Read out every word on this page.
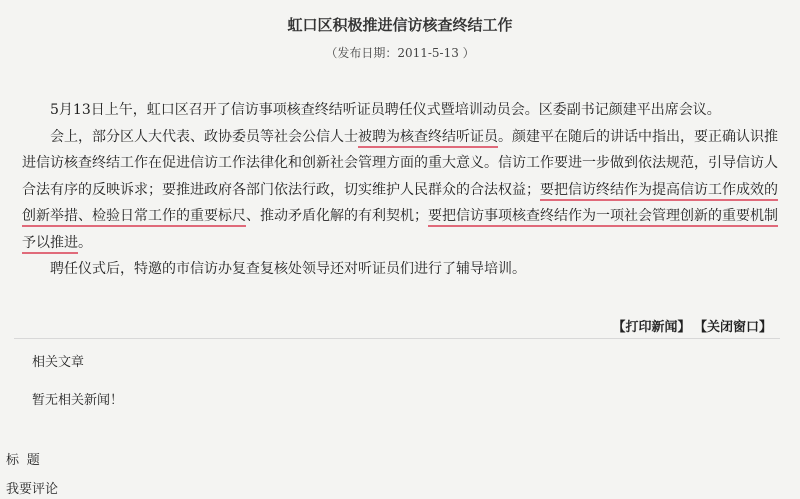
虹口区积极推进信访核查终结工作
（发布日期：2011-5-13 ）

5月13日上午，虹口区召开了信访事项核查终结听证员聘任仪式暨培训动员会。区委副书记颜建平出席会议。

会上，部分区人大代表、政协委员等社会公信人士被聘为核查终结听证员。颜建平在随后的讲话中指出，要正确认识推进信访核查终结工作在促进信访工作法律化和创新社会管理方面的重大意义。信访工作要进一步做到依法规范，引导信访人合法有序的反映诉求；要推进政府各部门依法行政，切实维护人民群众的合法权益；要把信访终结作为提高信访工作成效的创新举措、检验日常工作的重要标尺、推动矛盾化解的有利契机；要把信访事项核查终结作为一项社会管理创新的重要机制予以推进。

聘任仪式后，特邀的市信访办复查复核处领导还对听证员们进行了辅导培训。

【打印新闻】 【关闭窗口】
相关文章
暂无相关新闻！
标题
我要评论
